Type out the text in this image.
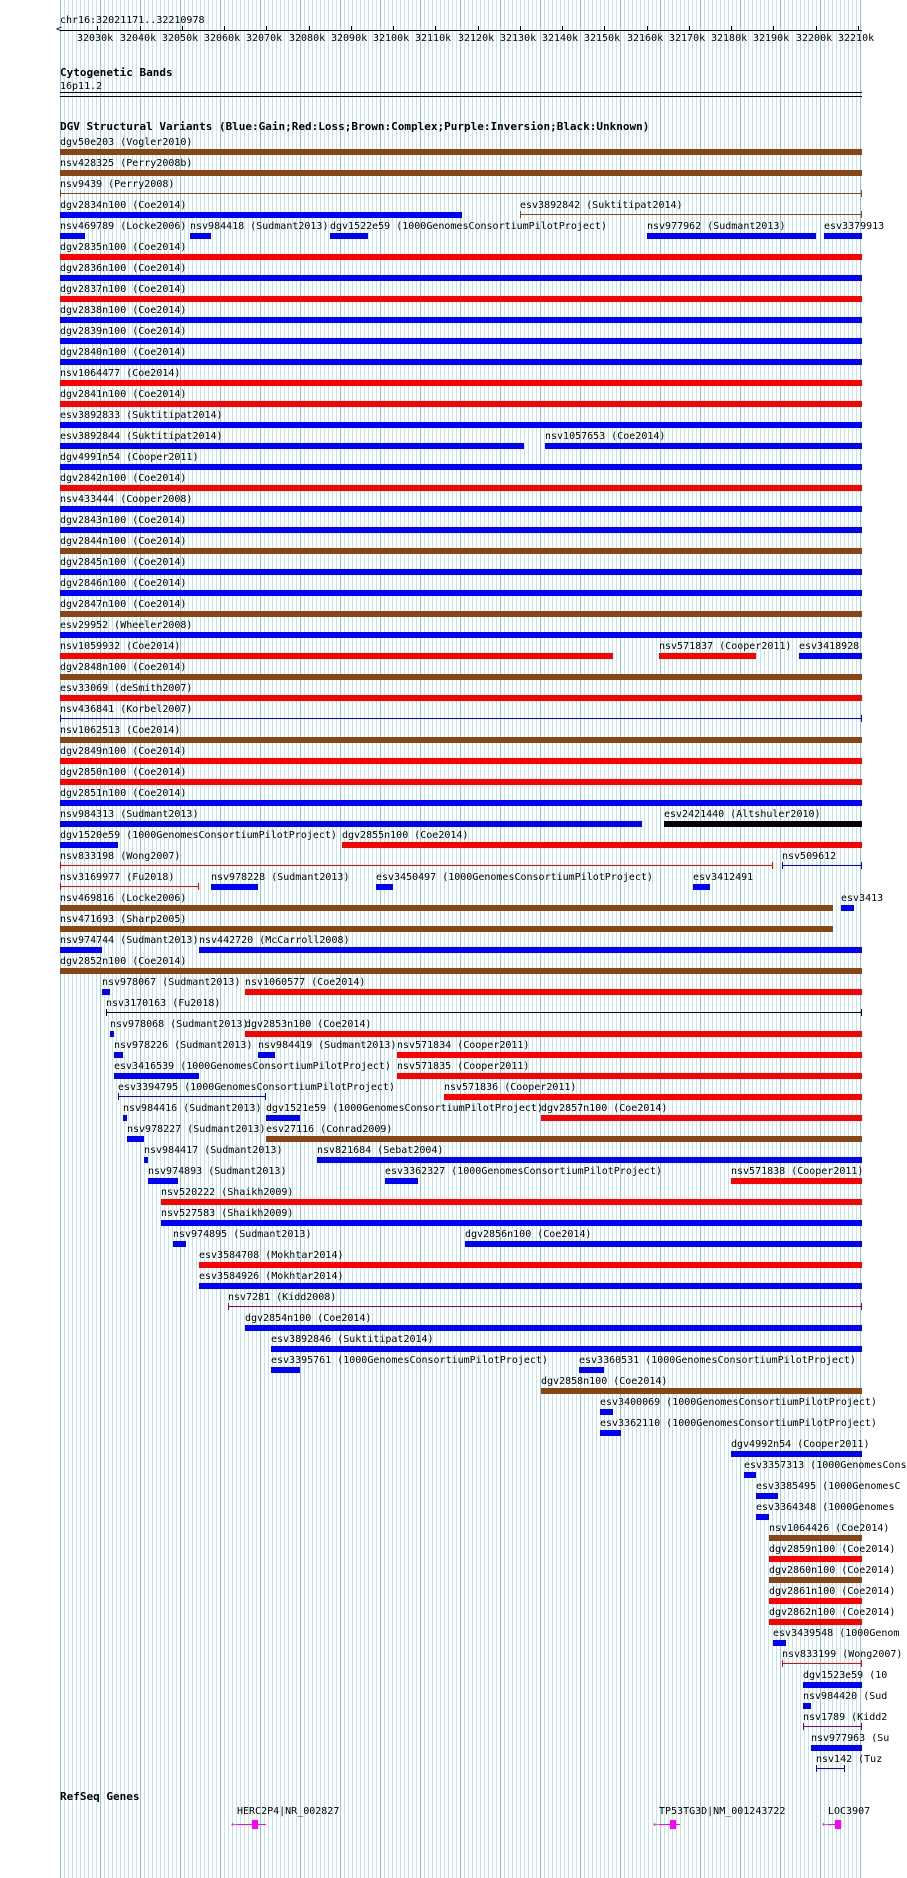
chr16:32021171..32210978
32030k 32040k 32050k 32060k 32070k 32080k 32090k 32100k 32110k 32120k 32130k 32140k 32150k 32160k 32170k 32180k 32190k 32200k 32210k
<
Cytogenetic Bands
16p11.2
DGV Structural Variants (Blue:Gain;Red:Loss;Brown:Complex;Purple:Inversion;Black:Unknown)
dgv50e203 (Vogler2010)
nsv428325 (Perry2008b)
nsv9439 (Perry2008)
dgv2834n100 (Coe2014)	esv3892842 (Suktitipat2014)
nsv469789 (Locke2006) nsv984418 (Sudmant2013) dgv1522e59 (1000GenomesConsortiumPilotProject)	nsv977962 (Sudmant2013)	esv3379913
dgv2835n100 (Coe2014)
dgv2836n100 (Coe2014)
dgv2837n100 (Coe2014)
dgv2838n100 (Coe2014)
dgv2839n100 (Coe2014)
dgv2840n100 (Coe2014)
nsv1064477 (Coe2014)
dgv2841n100 (Coe2014)
esv3892833 (Suktitipat2014)
esv3892844 (Suktitipat2014)	nsv1057653 (Coe2014)
dgv4991n54 (Cooper2011)
dgv2842n100 (Coe2014)
nsv433444 (Cooper2008)
dgv2843n100 (Coe2014)
dgv2844n100 (Coe2014)
dgv2845n100 (Coe2014)
dgv2846n100 (Coe2014)
dgv2847n100 (Coe2014)
esv29952 (Wheeler2008)
nsv1059932 (Coe2014)	nsv571837 (Cooper2011) esv3418928
dgv2848n100 (Coe2014)
esv33069 (deSmith2007)
nsv436841 (Korbel2007)
nsv1062513 (Coe2014)
dgv2849n100 (Coe2014)
dgv2850n100 (Coe2014)
dgv2851n100 (Coe2014)
nsv984313 (Sudmant2013)	esv2421440 (Altshuler2010)
dgv1520e59 (1000GenomesConsortiumPilotProject) dgv2855n100 (Coe2014)
nsv833198 (Wong2007)	nsv509612
nsv3169977 (Fu2018)	nsv978228 (Sudmant2013)	esv3450497 (1000GenomesConsortiumPilotProject)	esv3412491
nsv469816 (Locke2006)	esv3413
nsv471693 (Sharp2005)
nsv974744 (Sudmant2013) nsv442720 (McCarroll2008)
dgv2852n100 (Coe2014)
nsv978067 (Sudmant2013) nsv1060577 (Coe2014)
nsv3170163 (Fu2018)
nsv978068 (Sudmant2013)
dgv2853n100 (Coe2014)
nsv978226 (Sudmant2013) nsv984419 (Sudmant2013) nsv571834 (Cooper2011)
esv3416539 (1000GenomesConsortiumPilotProject) nsv571835 (Cooper2011)
esv3394795 (1000GenomesConsortiumPilotProject)	nsv571836 (Cooper2011)
nsv984416 (Sudmant2013) dgv1521e59 (1000GenomesConsortiumPilotProject)
dgv2857n100 (Coe2014)
nsv978227 (Sudmant2013) esv27116 (Conrad2009)
nsv984417 (Sudmant2013)	nsv821684 (Sebat2004)
nsv974893 (Sudmant2013)	esv3362327 (1000GenomesConsortiumPilotProject)	nsv571838 (Cooper2011)
nsv520222 (Shaikh2009)
nsv527583 (Shaikh2009)
nsv974895 (Sudmant2013)	dgv2856n100 (Coe2014)
esv3584708 (Mokhtar2014)
esv3584926 (Mokhtar2014)
nsv7281 (Kidd2008)
dgv2854n100 (Coe2014)
esv3892846 (Suktitipat2014)
esv3395761 (1000GenomesConsortiumPilotProject)	esv3360531 (1000GenomesConsortiumPilotProject)
dgv2858n100 (Coe2014)
esv3400069 (1000GenomesConsortiumPilotProject)
esv3362110 (1000GenomesConsortiumPilotProject)
dgv4992n54 (Cooper2011)
esv3357313 (1000GenomesCons
esv3385495 (1000GenomesC
esv3364348 (1000Genomes
nsv1064426 (Coe2014)
dgv2859n100 (Coe2014)
dgv2860n100 (Coe2014)
dgv2861n100 (Coe2014)
dgv2862n100 (Coe2014)
esv3439548 (1000Genom
nsv833199 (Wong2007)
dgv1523e59 (10
nsv984420 (Sud
nsv1789 (Kidd2
nsv977963 (Su
nsv142 (Tuz
RefSeq Genes
HERC2P4|NR_002827
←
TP53TG3D|NM_001243722
←
LOC3907
←
